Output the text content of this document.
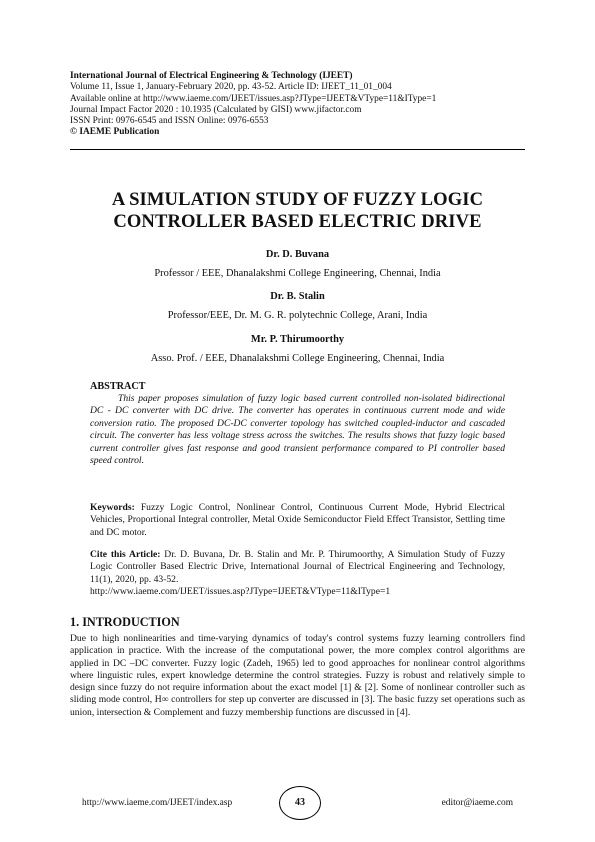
International Journal of Electrical Engineering & Technology (IJEET)
Volume 11, Issue 1, January-February 2020, pp. 43-52. Article ID: IJEET_11_01_004
Available online at http://www.iaeme.com/IJEET/issues.asp?JType=IJEET&VType=11&IType=1
Journal Impact Factor 2020 : 10.1935 (Calculated by GISI) www.jifactor.com
ISSN Print: 0976-6545 and ISSN Online: 0976-6553
© IAEME Publication
A SIMULATION STUDY OF FUZZY LOGIC
CONTROLLER BASED ELECTRIC DRIVE
Dr. D. Buvana
Professor / EEE, Dhanalakshmi College Engineering, Chennai, India
Dr. B. Stalin
Professor/EEE, Dr. M. G. R. polytechnic College, Arani, India
Mr. P. Thirumoorthy
Asso. Prof. / EEE, Dhanalakshmi College Engineering, Chennai, India
ABSTRACT
This paper proposes simulation of fuzzy logic based current controlled non-isolated bidirectional DC - DC converter with DC drive. The converter has operates in continuous current mode and wide conversion ratio. The proposed DC-DC converter topology has switched coupled-inductor and cascaded circuit. The converter has less voltage stress across the switches. The results shows that fuzzy logic based current controller gives fast response and good transient performance compared to PI controller based speed control.
Keywords: Fuzzy Logic Control, Nonlinear Control, Continuous Current Mode, Hybrid Electrical Vehicles, Proportional Integral controller, Metal Oxide Semiconductor Field Effect Transistor, Settling time and DC motor.
Cite this Article: Dr. D. Buvana, Dr. B. Stalin and Mr. P. Thirumoorthy, A Simulation Study of Fuzzy Logic Controller Based Electric Drive, International Journal of Electrical Engineering and Technology, 11(1), 2020, pp. 43-52.
http://www.iaeme.com/IJEET/issues.asp?JType=IJEET&VType=11&IType=1
1. INTRODUCTION
Due to high nonlinearities and time-varying dynamics of today's control systems fuzzy learning controllers find application in practice. With the increase of the computational power, the more complex control algorithms are applied in DC –DC converter. Fuzzy logic (Zadeh, 1965) led to good approaches for nonlinear control algorithms where linguistic rules, expert knowledge determine the control strategies. Fuzzy is robust and relatively simple to design since fuzzy do not require information about the exact model [1] & [2]. Some of nonlinear controller such as sliding mode control, H∞ controllers for step up converter are discussed in [3]. The basic fuzzy set operations such as union, intersection & Complement and fuzzy membership functions are discussed in [4].
http://www.iaeme.com/IJEET/index.asp	43	editor@iaeme.com
